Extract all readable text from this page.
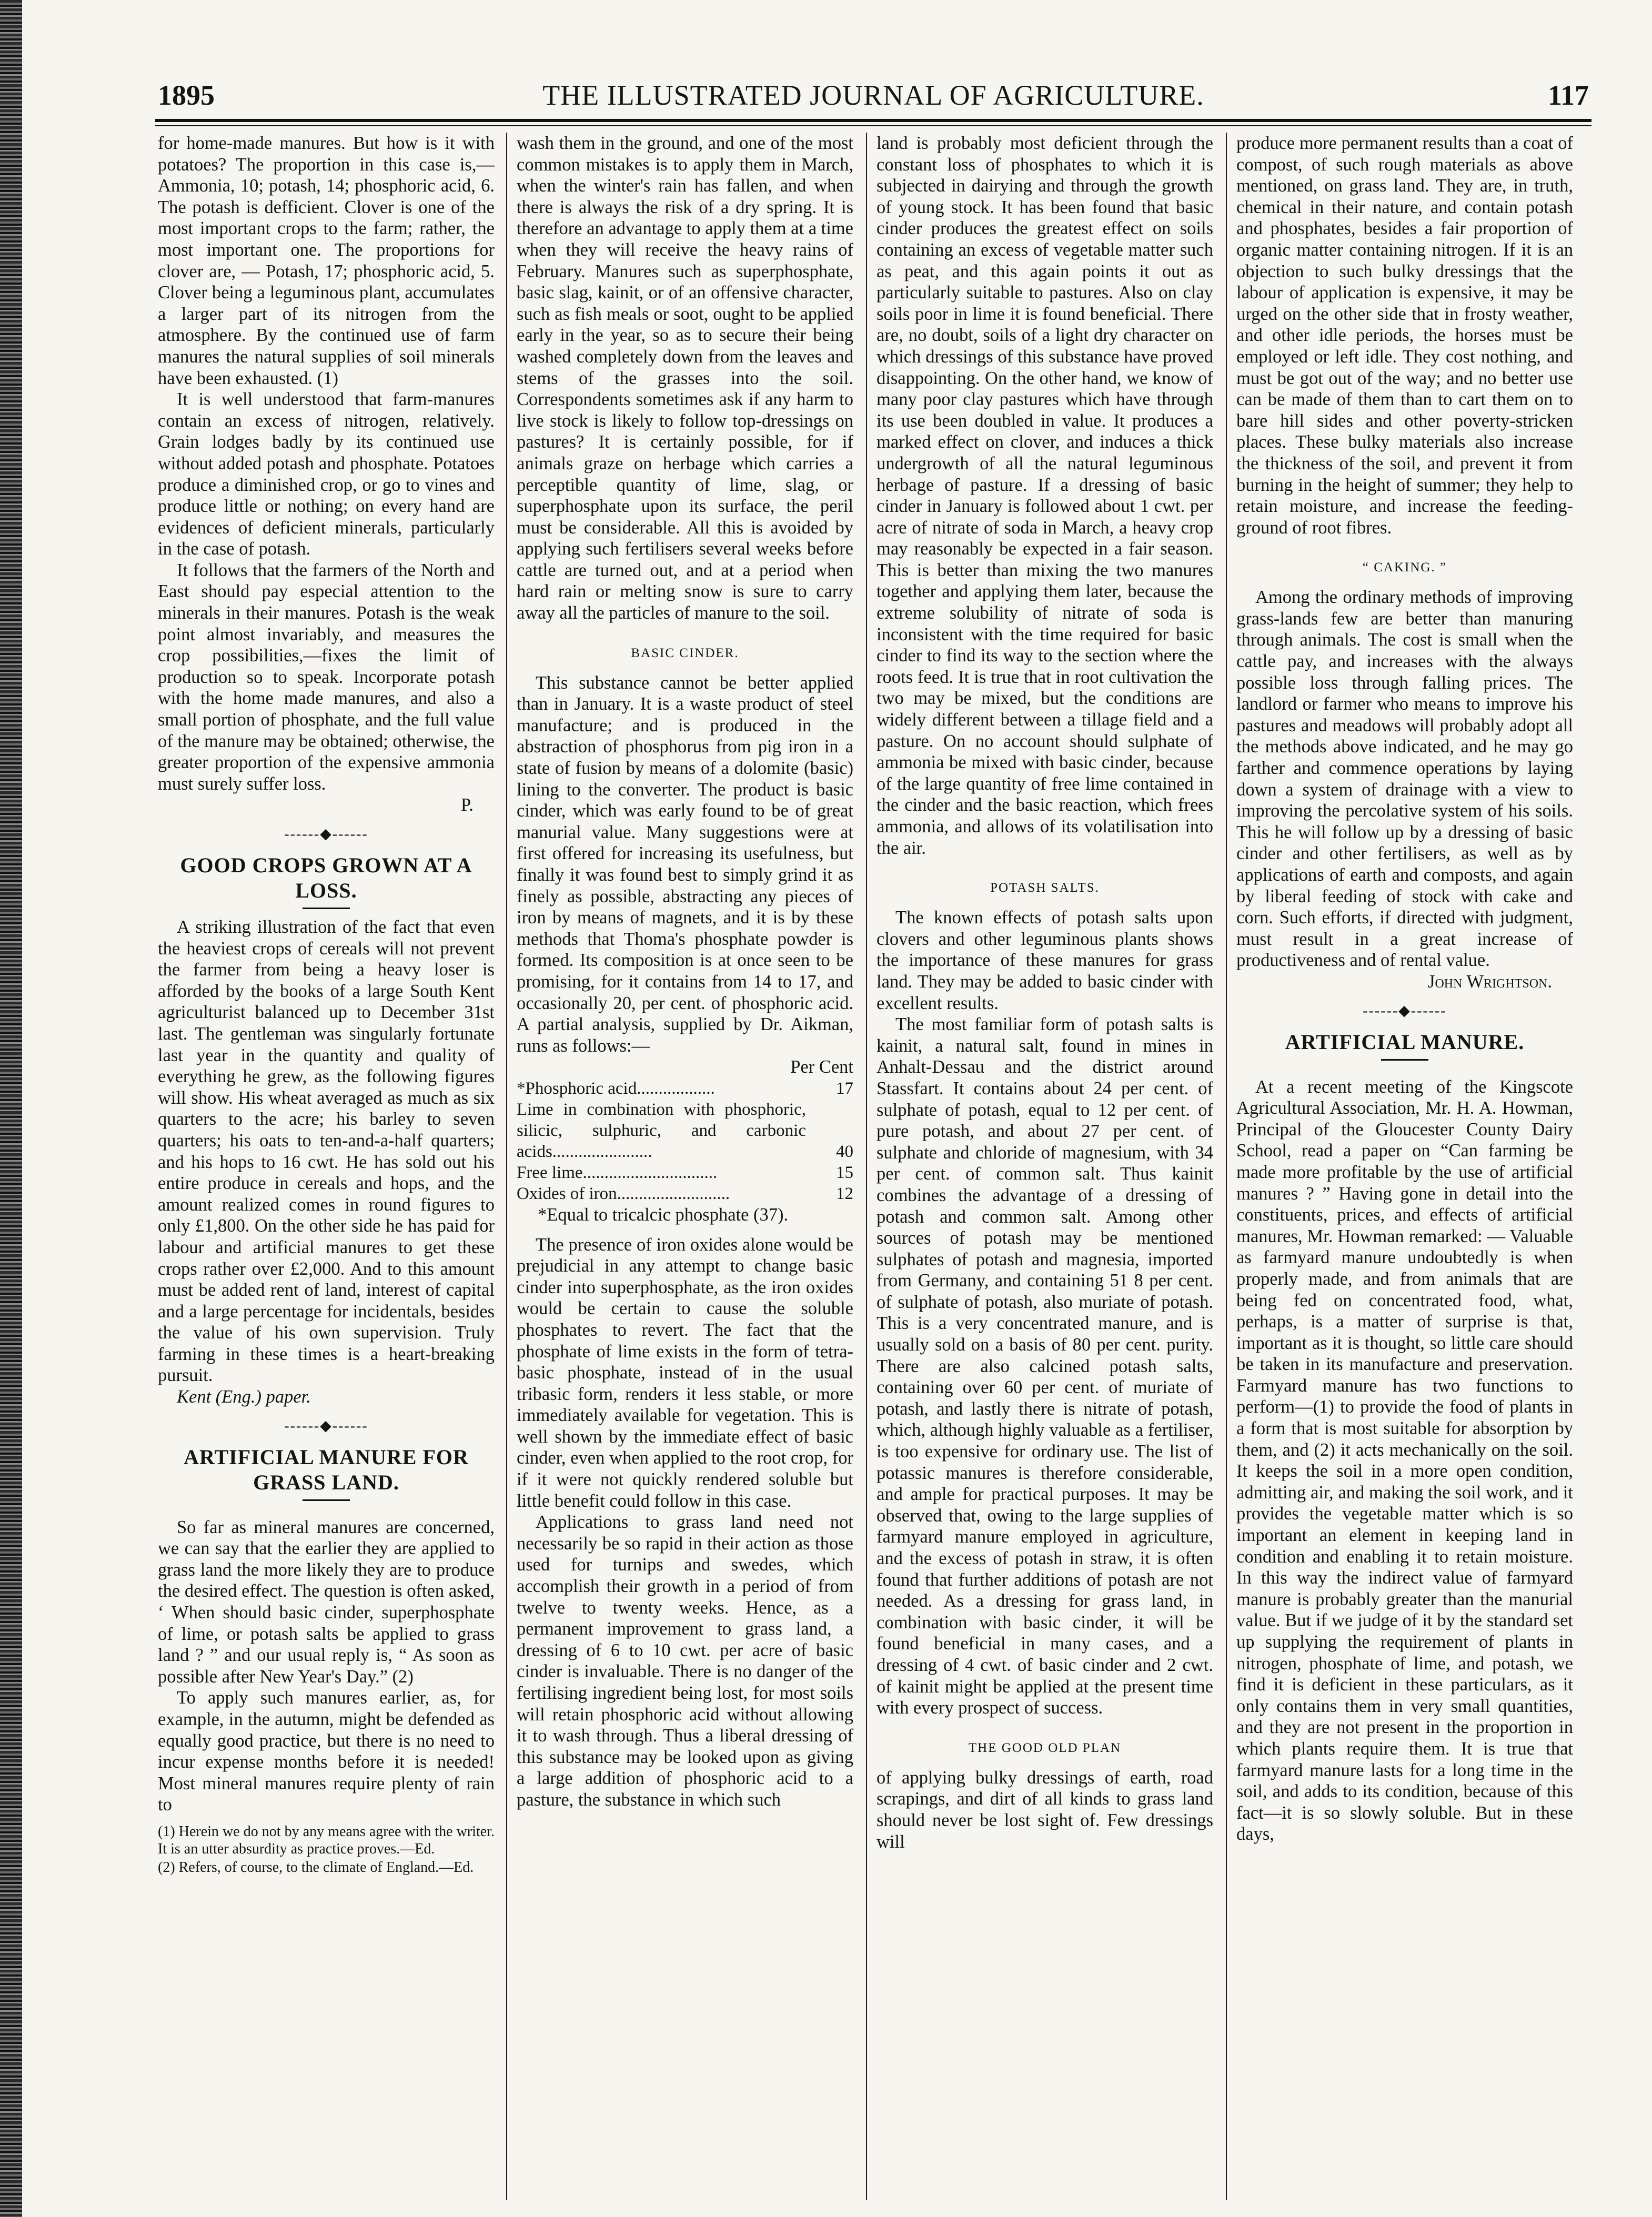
1895	THE ILLUSTRATED JOURNAL OF AGRICULTURE.	117

for home-made manures. But how is it with potatoes? The proportion in this case is,—Ammonia, 10; potash, 14; phosphoric acid, 6. The potash is defficient. Clover is one of the most important crops to the farm; rather, the most important one. The proportions for clover are, — Potash, 17; phosphoric acid, 5. Clover being a leguminous plant, accumulates a larger part of its nitrogen from the atmosphere. By the continued use of farm manures the natural supplies of soil minerals have been exhausted. (1)

It is well understood that farm-manures contain an excess of nitrogen, relatively. Grain lodges badly by its continued use without added potash and phosphate. Potatoes produce a diminished crop, or go to vines and produce little or nothing; on every hand are evidences of deficient minerals, particularly in the case of potash.

It follows that the farmers of the North and East should pay especial attention to the minerals in their manures. Potash is the weak point almost invariably, and measures the crop possibilities,—fixes the limit of production so to speak. Incorporate potash with the home made manures, and also a small portion of phosphate, and the full value of the manure may be obtained; otherwise, the greater proportion of the expensive ammonia must surely suffer loss.

P.
------◆------
GOOD CROPS GROWN AT A LOSS.

A striking illustration of the fact that even the heaviest crops of cereals will not prevent the farmer from being a heavy loser is afforded by the books of a large South Kent agriculturist balanced up to December 31st last. The gentleman was singularly fortunate last year in the quantity and quality of everything he grew, as the following figures will show. His wheat averaged as much as six quarters to the acre; his barley to seven quarters; his oats to ten-and-a-half quarters; and his hops to 16 cwt. He has sold out his entire produce in cereals and hops, and the amount realized comes in round figures to only £1,800. On the other side he has paid for labour and artificial manures to get these crops rather over £2,000. And to this amount must be added rent of land, interest of capital and a large percentage for incidentals, besides the value of his own supervision. Truly farming in these times is a heart-breaking pursuit.

Kent (Eng.) paper.

------◆------
ARTIFICIAL MANURE FOR GRASS LAND.

So far as mineral manures are concerned, we can say that the earlier they are applied to grass land the more likely they are to produce the desired effect. The question is often asked, ‘ When should basic cinder, superphosphate of lime, or potash salts be applied to grass land ? ” and our usual reply is, “ As soon as possible after New Year's Day.” (2)

To apply such manures earlier, as, for example, in the autumn, might be defended as equally good practice, but there is no need to incur expense months before it is needed! Most mineral manures require plenty of rain to

(1) Herein we do not by any means agree with the writer. It is an utter absurdity as practice proves.—Ed.

(2) Refers, of course, to the climate of England.—Ed.

wash them in the ground, and one of the most common mistakes is to apply them in March, when the winter's rain has fallen, and when there is always the risk of a dry spring. It is therefore an advantage to apply them at a time when they will receive the heavy rains of February. Manures such as superphosphate, basic slag, kainit, or of an offensive character, such as fish meals or soot, ought to be applied early in the year, so as to secure their being washed completely down from the leaves and stems of the grasses into the soil. Correspondents sometimes ask if any harm to live stock is likely to follow top-dressings on pastures? It is certainly possible, for if animals graze on herbage which carries a perceptible quantity of lime, slag, or superphosphate upon its surface, the peril must be considerable. All this is avoided by applying such fertilisers several weeks before cattle are turned out, and at a period when hard rain or melting snow is sure to carry away all the particles of manure to the soil.

BASIC CINDER.

This substance cannot be better applied than in January. It is a waste product of steel manufacture; and is produced in the abstraction of phosphorus from pig iron in a state of fusion by means of a dolomite (basic) lining to the converter. The product is basic cinder, which was early found to be of great manurial value. Many suggestions were at first offered for increasing its usefulness, but finally it was found best to simply grind it as finely as possible, abstracting any pieces of iron by means of magnets, and it is by these methods that Thoma's phosphate powder is formed. Its composition is at once seen to be promising, for it contains from 14 to 17, and occasionally 20, per cent. of phosphoric acid. A partial analysis, supplied by Dr. Aikman, runs as follows:—

Per Cent
*Phosphoric acid..................	17
Lime in combination with phosphoric, silicic, sulphuric, and carbonic acids.......................	40
Free lime...............................	15
Oxides of iron..........................	12

*Equal to tricalcic phosphate (37).

The presence of iron oxides alone would be prejudicial in any attempt to change basic cinder into superphosphate, as the iron oxides would be certain to cause the soluble phosphates to revert. The fact that the phosphate of lime exists in the form of tetra-basic phosphate, instead of in the usual tribasic form, renders it less stable, or more immediately available for vegetation. This is well shown by the immediate effect of basic cinder, even when applied to the root crop, for if it were not quickly rendered soluble but little benefit could follow in this case.

Applications to grass land need not necessarily be so rapid in their action as those used for turnips and swedes, which accomplish their growth in a period of from twelve to twenty weeks. Hence, as a permanent improvement to grass land, a dressing of 6 to 10 cwt. per acre of basic cinder is invaluable. There is no danger of the fertilising ingredient being lost, for most soils will retain phosphoric acid without allowing it to wash through. Thus a liberal dressing of this substance may be looked upon as giving a large addition of phosphoric acid to a pasture, the substance in which such

land is probably most deficient through the constant loss of phosphates to which it is subjected in dairying and through the growth of young stock. It has been found that basic cinder produces the greatest effect on soils containing an excess of vegetable matter such as peat, and this again points it out as particularly suitable to pastures. Also on clay soils poor in lime it is found beneficial. There are, no doubt, soils of a light dry character on which dressings of this substance have proved disappointing. On the other hand, we know of many poor clay pastures which have through its use been doubled in value. It produces a marked effect on clover, and induces a thick undergrowth of all the natural leguminous herbage of pasture. If a dressing of basic cinder in January is followed about 1 cwt. per acre of nitrate of soda in March, a heavy crop may reasonably be expected in a fair season. This is better than mixing the two manures together and applying them later, because the extreme solubility of nitrate of soda is inconsistent with the time required for basic cinder to find its way to the section where the roots feed. It is true that in root cultivation the two may be mixed, but the conditions are widely different between a tillage field and a pasture. On no account should sulphate of ammonia be mixed with basic cinder, because of the large quantity of free lime contained in the cinder and the basic reaction, which frees ammonia, and allows of its volatilisation into the air.

POTASH SALTS.

The known effects of potash salts upon clovers and other leguminous plants shows the importance of these manures for grass land. They may be added to basic cinder with excellent results.

The most familiar form of potash salts is kainit, a natural salt, found in mines in Anhalt-Dessau and the district around Stassfart. It contains about 24 per cent. of sulphate of potash, equal to 12 per cent. of pure potash, and about 27 per cent. of sulphate and chloride of magnesium, with 34 per cent. of common salt. Thus kainit combines the advantage of a dressing of potash and common salt. Among other sources of potash may be mentioned sulphates of potash and magnesia, imported from Germany, and containing 51 8 per cent. of sulphate of potash, also muriate of potash. This is a very concentrated manure, and is usually sold on a basis of 80 per cent. purity. There are also calcined potash salts, containing over 60 per cent. of muriate of potash, and lastly there is nitrate of potash, which, although highly valuable as a fertiliser, is too expensive for ordinary use. The list of potassic manures is therefore considerable, and ample for practical purposes. It may be observed that, owing to the large supplies of farmyard manure employed in agriculture, and the excess of potash in straw, it is often found that further additions of potash are not needed. As a dressing for grass land, in combination with basic cinder, it will be found beneficial in many cases, and a dressing of 4 cwt. of basic cinder and 2 cwt. of kainit might be applied at the present time with every prospect of success.

THE GOOD OLD PLAN

of applying bulky dressings of earth, road scrapings, and dirt of all kinds to grass land should never be lost sight of. Few dressings will

produce more permanent results than a coat of compost, of such rough materials as above mentioned, on grass land. They are, in truth, chemical in their nature, and contain potash and phosphates, besides a fair proportion of organic matter containing nitrogen. If it is an objection to such bulky dressings that the labour of application is expensive, it may be urged on the other side that in frosty weather, and other idle periods, the horses must be employed or left idle. They cost nothing, and must be got out of the way; and no better use can be made of them than to cart them on to bare hill sides and other poverty-stricken places. These bulky materials also increase the thickness of the soil, and prevent it from burning in the height of summer; they help to retain moisture, and increase the feeding-ground of root fibres.

“ CAKING. ”

Among the ordinary methods of improving grass-lands few are better than manuring through animals. The cost is small when the cattle pay, and increases with the always possible loss through falling prices. The landlord or farmer who means to improve his pastures and meadows will probably adopt all the methods above indicated, and he may go farther and commence operations by laying down a system of drainage with a view to improving the percolative system of his soils. This he will follow up by a dressing of basic cinder and other fertilisers, as well as by applications of earth and composts, and again by liberal feeding of stock with cake and corn. Such efforts, if directed with judgment, must result in a great increase of productiveness and of rental value.

John Wrightson.
------◆------
ARTIFICIAL MANURE.

At a recent meeting of the Kingscote Agricultural Association, Mr. H. A. Howman, Principal of the Gloucester County Dairy School, read a paper on “Can farming be made more profitable by the use of artificial manures ? ” Having gone in detail into the constituents, prices, and effects of artificial manures, Mr. Howman remarked: — Valuable as farmyard manure undoubtedly is when properly made, and from animals that are being fed on concentrated food, what, perhaps, is a matter of surprise is that, important as it is thought, so little care should be taken in its manufacture and preservation. Farmyard manure has two functions to perform—(1) to provide the food of plants in a form that is most suitable for absorption by them, and (2) it acts mechanically on the soil. It keeps the soil in a more open condition, admitting air, and making the soil work, and it provides the vegetable matter which is so important an element in keeping land in condition and enabling it to retain moisture. In this way the indirect value of farmyard manure is probably greater than the manurial value. But if we judge of it by the standard set up supplying the requirement of plants in nitrogen, phosphate of lime, and potash, we find it is deficient in these particulars, as it only contains them in very small quantities, and they are not present in the proportion in which plants require them. It is true that farmyard manure lasts for a long time in the soil, and adds to its condition, because of this fact—it is so slowly soluble. But in these days,
